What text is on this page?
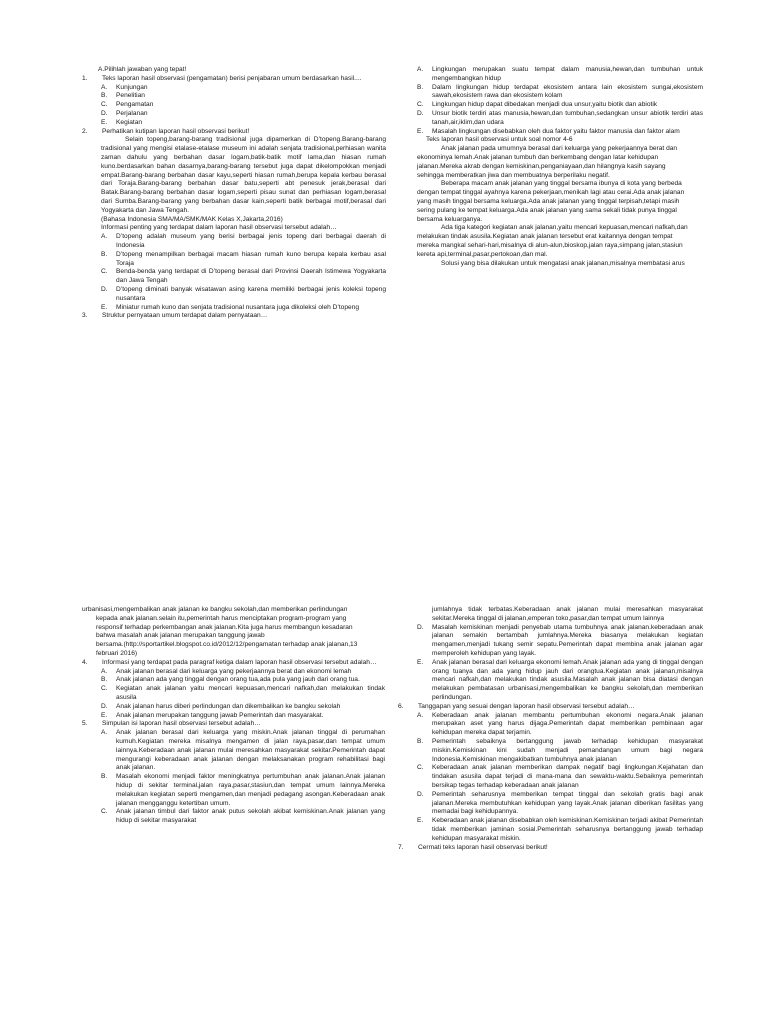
A.Pilihlah jawaban yang tepat!

1.	Teks laporan hasil observasi (pengamatan) berisi penjabaran umum berdasarkan hasil....
A.	Kunjungan
B.	Penelitian
C.	Pengamatan
D.	Perjalanan
E.	Kegiatan
2.	Perhatikan kutipan laporan hasil observasi berikut!

Selain topeng,barang-barang tradisional juga dipamerkan di D’topeng.Barang-barang tradisional yang mengisi etalase-etalase museum ini adalah senjata tradisional,perhiasan wanita zaman dahulu yang berbahan dasar logam,batik-batik motif lama,dan hiasan rumah kuno.berdasarkan bahan dasarnya,barang-barang tersebut juga dapat dikelompokkan menjadi empat.Barang-barang berbahan dasar kayu,seperti hiasan rumah,berupa kepala kerbau berasal dari Toraja.Barang-barang berbahan dasar batu,seperti abt penesuk jerak,berasal dari Batak.Barang-barang berbahan dasar logam,seperti pisau sunat dan perhiasan logam,berasal dari Sumba.Barang-barang yang berbahan dasar kain,seperti batik berbagai motif,berasal dari Yogyakarta dan Jawa Tengah.

(Bahasa Indonesia SMA/MA/SMK/MAK Kelas X,Jakarta,2016)

Informasi penting yang terdapat dalam laporan hasil observasi tersebut adalah…

A.	D’topeng adalah museum yang berisi berbagai jenis topeng dari berbagai daerah di Indonesia
B.	D’topeng menampilkan berbagai macam hiasan rumah kuno berupa kepala kerbau asal Toraja
C.	Benda-benda yang terdapat di D’topeng berasal dari Provinsi Daerah Istimewa Yogyakarta dan Jawa Tengah
D.	D’topeng diminati banyak wisatawan asing karena memiliki berbagai jenis koleksi topeng nusantara
E.	Miniatur rumah kuno dan senjata tradisional nusantara juga dikoleksi oleh D’topeng
3.	Struktur pernyataan umum terdapat dalam pernyataan…
A.	Lingkungan merupakan suatu tempat dalam manusia,hewan,dan tumbuhan untuk mengembangkan hidup
B.	Dalam lingkungan hidup terdapat ekosistem antara lain ekosistem sungai,ekosistem sawah,ekosistem rawa dan ekosistem kolam
C.	Lingkungan hidup dapat dibedakan menjadi dua unsur,yaitu biotik dan abiotik
D.	Unsur biotik terdiri atas manusia,hewan,dan tumbuhan,sedangkan unsur abiotik terdiri atas tanah,air,iklim,dan udara
E.	Masalah lingkungan disebabkan oleh dua faktor yaitu faktor manusia dan faktor alam

Teks laporan hasil observasi untuk soal nomor 4-6

Anak jalanan pada umumnya berasal dari keluarga yang pekerjaannya berat dan

ekonominya lemah.Anak jalanan tumbuh dan berkembang dengan latar kehidupan

jalanan.Mereka akrab dengan kemiskinan,penganiayaan,dan hilangnya kasih sayang

sehingga memberatkan jiwa dan membuatnya berperilaku negatif.

Beberapa macam anak jalanan yang tinggal bersama ibunya di kota yang berbeda

dengan tempat tinggal ayahnya karena pekerjaan,menikah lagi atau cerai.Ada anak jalanan

yang masih tinggal bersama keluarga.Ada anak jalanan yang tinggal terpisah,tetapi masih

sering pulang ke tempat keluarga.Ada anak jalanan yang sama sekali tidak punya tinggal

bersama keluarganya.

Ada tiga kategori kegiatan anak jalanan,yaitu mencari kepuasan,mencari nafkah,dan

melakukan tindak asusila.Kegiatan anak jalanan tersebut erat kaitannya dengan tempat

mereka mangkal sehari-hari,misalnya di alun-alun,bioskop,jalan raya,simpang jalan,stasiun

kereta api,terminal,pasar,pertokoan,dan mal.

Solusi yang bisa dilakukan untuk mengatasi anak jalanan,misalnya membatasi arus

urbanisasi,mengembalikan anak jalanan ke bangku sekolah,dan memberikan perlindungan

kepada anak jalanan.selain itu,pemerintah harus menciptakan program-program yang

responsif terhadap perkembangan anak jalanan.Kita juga harus membangun kesadaran

bahwa masalah anak jalanan merupakan tanggung jawab

bersama.(http://sportartikel.blogspot.co.id/2012/12/pengamatan terhadap anak jalanan,13

februari 2016)

4.	Informasi yang terdapat pada paragraf ketiga dalam laporan hasil observasi tersebut adalah…
A.	Anak jalanan berasal dari keluarga yang pekerjaannya berat dan ekonomi lemah
B.	Anak jalanan ada yang tinggal dengan orang tua,ada pula yang jauh dari orang tua.
C.	Kegiatan anak jalanan yaitu mencari kepuasan,mencari nafkah,dan melakukan tindak asusila
D.	Anak jalanan harus diberi perlindungan dan dikembalikan ke bangku sekolah
E.	Anak jalanan merupakan tanggung jawab Pemerintah dan masyarakat.
5.	Simpulan isi laporan hasil observasi tersebut adalah…
A.	Anak jalanan berasal dari keluarga yang miskin.Anak jalanan tinggal di perumahan kumuh.Kegiatan mereka misalnya mengamen di jalan raya,pasar,dan tempat umum lainnya.Keberadaan anak jalanan mulai meresahkan masyarakat sekitar.Pemerintah dapat mengurangi keberadaan anak jalanan dengan melaksanakan program rehabilitasi bagi anak jalanan.
B.	Masalah ekonomi menjadi faktor meningkatnya pertumbuhan anak jalanan.Anak jalanan hidup di sekitar terminal,jalan raya,pasar,stasiun,dan tempat umum lainnya.Mereka melakukan kegiatan seperti mengamen,dan menjadi pedagang asongan.Keberadaan anak jalanan mengganggu ketertiban umum.
C.	Anak jalanan timbul dari faktor anak putus sekolah akibat kemiskinan.Anak jalanan yang hidup di sekitar masyarakat

jumlahnya tidak terbatas.Keberadaan anak jalanan mulai meresahkan masyarakat sekitar.Mereka tinggal di jalanan,emperan toko,pasar,dan tempat umum lainnya

D.	Masalah kemiskinan menjadi penyebab utama tumbuhnya anak jalanan.keberadaan anak jalanan semakin bertambah jumlahnya.Mereka biasanya melakukan kegiatan mengamen,menjadi tukang semir sepatu.Pemerintah dapat membina anak jalanan agar memperoleh kehidupan yang layak.
E.	Anak jalanan berasal dari keluarga ekonomi lemah.Anak jalanan ada yang di tinggal dengan orang tuanya dan ada yang hidup jauh dari orangtua.Kegiatan anak jalanan,misalnya mencari nafkah,dan melakukan tindak asusila.Masalah anak jalanan bisa diatasi dengan melakukan pembatasan urbanisasi,mengembalikan ke bangku sekolah,dan memberikan perlindungan.
6.	Tanggapan yang sesuai dengan laporan hasil observasi tersebut adalah…
A.	Keberadaan anak jalanan membantu pertumbuhan ekonomi negara.Anak jalanan merupakan aset yang harus dijaga.Pemerintah dapat memberikan pembinaan agar kehidupan mereka dapat terjamin.
B.	Pemerintah sebaiknya bertanggung jawab terhadap kehidupan masyarakat miskin.Kemiskinan kini sudah menjadi pemandangan umum bagi negara Indonesia.Kemiskinan mengakibatkan tumbuhnya anak jalanan
C.	Keberadaan anak jalanan memberikan dampak negatif bagi lingkungan.Kejahatan dan tindakan asusila dapat terjadi di mana-mana dan sewaktu-waktu.Sebaiknya pemerintah bersikap tegas terhadap keberadaan anak jalanan
D.	Pemerintah seharusnya memberikan tempat tinggal dan sekolah gratis bagi anak jalanan.Mereka membutuhkan kehidupan yang layak.Anak jalanan diberikan fasilitas yang memadai bagi kehidupannya.
E.	Keberadaan anak jalanan disebabkan oleh kemiskinan.Kemiskinan terjadi akibat Pemerintah tidak memberikan jaminan sosial.Pemerintah seharusnya bertanggung jawab terhadap kehidupan masyarakat miskin.
7.	Cermati teks laporan hasil observasi berikut!
